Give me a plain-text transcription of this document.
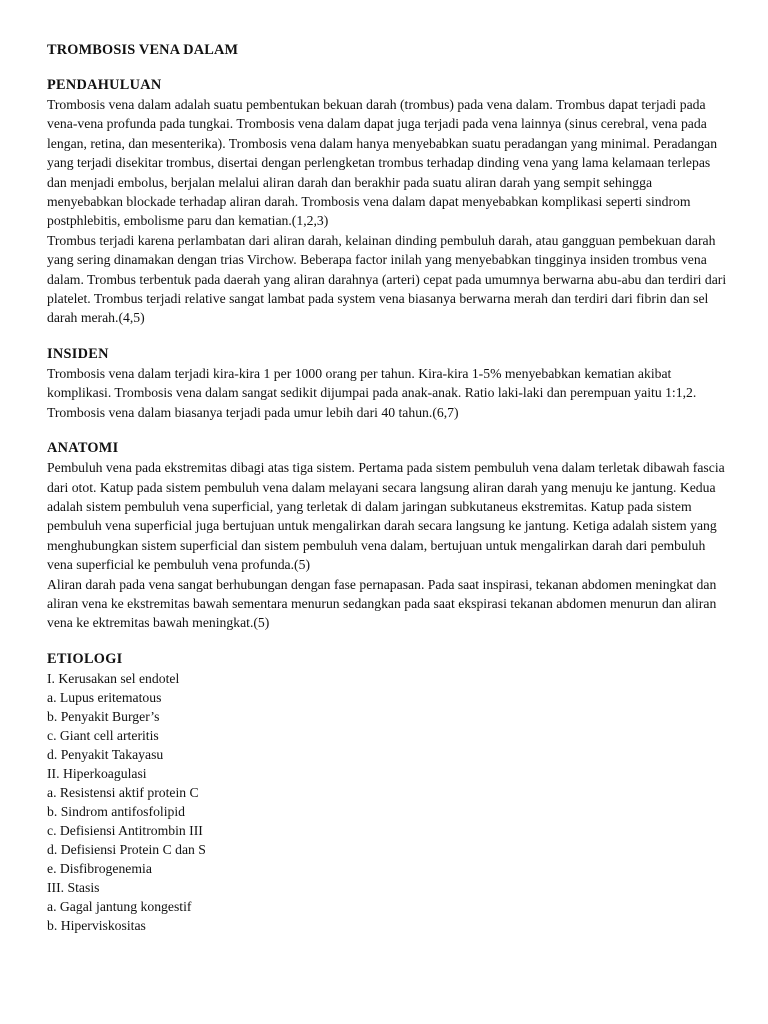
TROMBOSIS VENA DALAM
PENDAHULUAN

Trombosis vena dalam adalah suatu pembentukan bekuan darah (trombus) pada vena dalam. Trombus dapat terjadi pada vena-vena profunda pada tungkai. Trombosis vena dalam dapat juga terjadi pada vena lainnya (sinus cerebral, vena pada lengan, retina, dan mesenterika). Trombosis vena dalam hanya menyebabkan suatu peradangan yang minimal. Peradangan yang terjadi disekitar trombus, disertai dengan perlengketan trombus terhadap dinding vena yang lama kelamaan terlepas dan menjadi embolus, berjalan melalui aliran darah dan berakhir pada suatu aliran darah yang sempit sehingga menyebabkan blockade terhadap aliran darah. Trombosis vena dalam dapat menyebabkan komplikasi seperti sindrom postphlebitis, embolisme paru dan kematian.(1,2,3)

Trombus terjadi karena perlambatan dari aliran darah, kelainan dinding pembuluh darah, atau gangguan pembekuan darah yang sering dinamakan dengan trias Virchow. Beberapa factor inilah yang menyebabkan tingginya insiden trombus vena dalam. Trombus terbentuk pada daerah yang aliran darahnya (arteri) cepat pada umumnya berwarna abu-abu dan terdiri dari platelet. Trombus terjadi relative sangat lambat pada system vena biasanya berwarna merah dan terdiri dari fibrin dan sel darah merah.(4,5)

INSIDEN

Trombosis vena dalam terjadi kira-kira 1 per 1000 orang per tahun. Kira-kira 1-5% menyebabkan kematian akibat komplikasi. Trombosis vena dalam sangat sedikit dijumpai pada anak-anak. Ratio laki-laki dan perempuan yaitu 1:1,2. Trombosis vena dalam biasanya terjadi pada umur lebih dari 40 tahun.(6,7)

ANATOMI

Pembuluh vena pada ekstremitas dibagi atas tiga sistem. Pertama pada sistem pembuluh vena dalam terletak dibawah fascia dari otot. Katup pada sistem pembuluh vena dalam melayani secara langsung aliran darah yang menuju ke jantung. Kedua adalah sistem pembuluh vena superficial, yang terletak di dalam jaringan subkutaneus ekstremitas. Katup pada sistem pembuluh vena superficial juga bertujuan untuk mengalirkan darah secara langsung ke jantung. Ketiga adalah sistem yang menghubungkan sistem superficial dan sistem pembuluh vena dalam, bertujuan untuk mengalirkan darah dari pembuluh vena superficial ke pembuluh vena profunda.(5)

Aliran darah pada vena sangat berhubungan dengan fase pernapasan. Pada saat inspirasi, tekanan abdomen meningkat dan aliran vena ke ekstremitas bawah sementara menurun sedangkan pada saat ekspirasi tekanan abdomen menurun dan aliran vena ke ektremitas bawah meningkat.(5)

ETIOLOGI

I. Kerusakan sel endotel

a. Lupus eritematous

b. Penyakit Burger’s

c. Giant cell arteritis

d. Penyakit Takayasu

II. Hiperkoagulasi

a. Resistensi aktif protein C

b. Sindrom antifosfolipid

c. Defisiensi Antitrombin III

d. Defisiensi Protein C dan S

e. Disfibrogenemia

III. Stasis

a. Gagal jantung kongestif

b. Hiperviskositas
